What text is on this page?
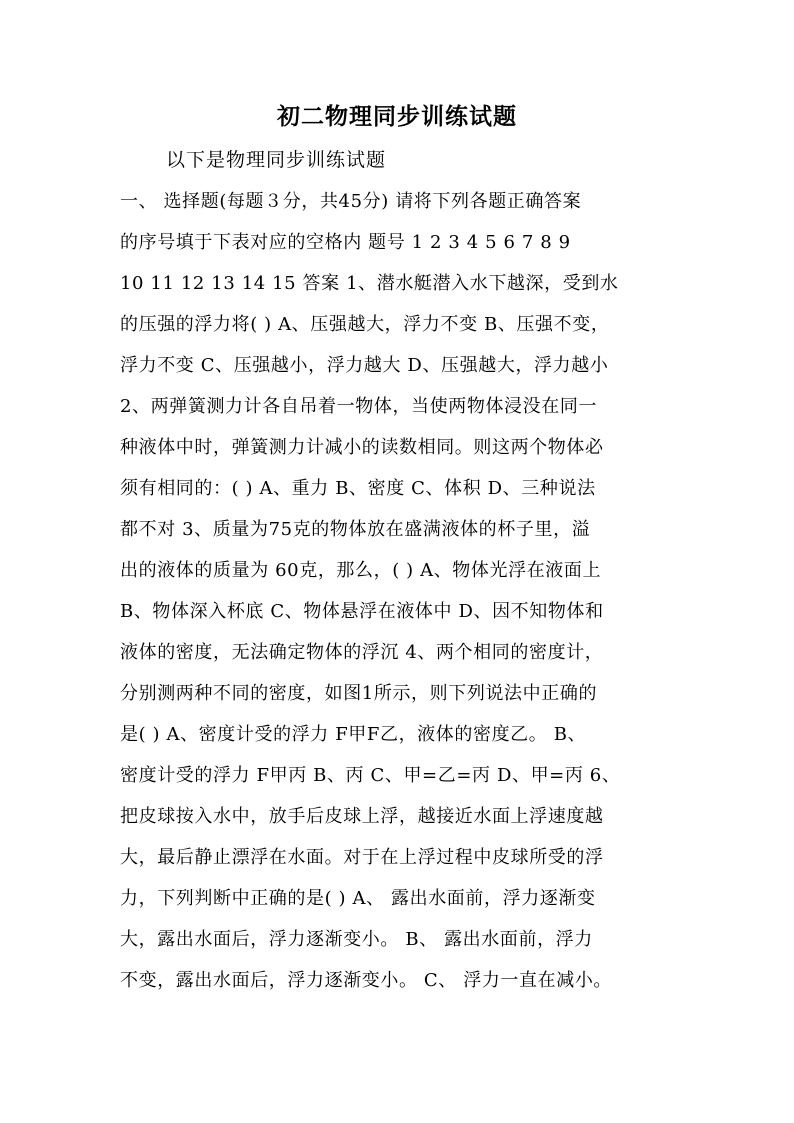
初二物理同步训练试题
以下是物理同步训练试题
一、 选择题(每题３分，共45分) 请将下列各题正确答案
的序号填于下表对应的空格内 题号 1 2 3 4 5 6 7 8 9
10 11 12 13 14 15 答案 1、潜水艇潜入水下越深，受到水
的压强的浮力将( ) A、压强越大，浮力不变 B、压强不变，
浮力不变 C、压强越小，浮力越大 D、压强越大，浮力越小
2、两弹簧测力计各自吊着一物体，当使两物体浸没在同一
种液体中时，弹簧测力计减小的读数相同。则这两个物体必
须有相同的：( ) A、重力 B、密度 C、体积 D、三种说法
都不对 3、质量为75克的物体放在盛满液体的杯子里，溢
出的液体的质量为 60克，那么，( ) A、物体光浮在液面上
B、物体深入杯底 C、物体悬浮在液体中 D、因不知物体和
液体的密度，无法确定物体的浮沉 4、两个相同的密度计，
分别测两种不同的密度，如图1所示，则下列说法中正确的
是( ) A、密度计受的浮力 F甲F乙，液体的密度乙。 B、
密度计受的浮力 F甲丙 B、丙 C、甲=乙=丙 D、甲=丙 6、
把皮球按入水中，放手后皮球上浮，越接近水面上浮速度越
大，最后静止漂浮在水面。对于在上浮过程中皮球所受的浮
力，下列判断中正确的是( ) A、 露出水面前，浮力逐渐变
大，露出水面后，浮力逐渐变小。 B、 露出水面前，浮力
不变，露出水面后，浮力逐渐变小。 C、 浮力一直在减小。
